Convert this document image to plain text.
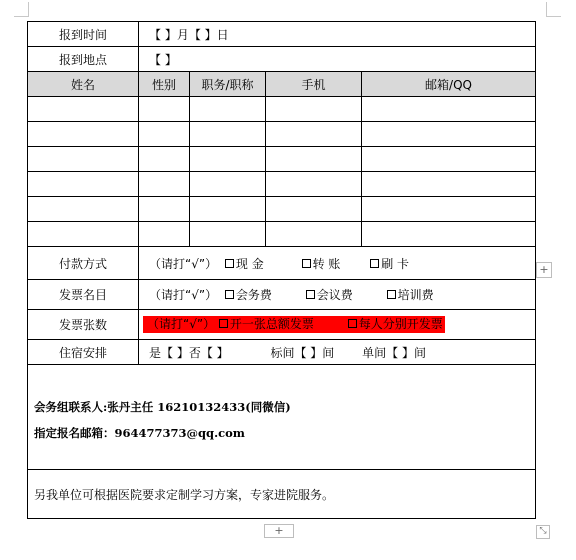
报到时间	【 】月【 】日			
报到地点	【 】			
姓名	性别	职务/职称	手机	邮箱/QQ

付款方式	（请打“√”） 现 金 转 账 刷 卡			
发票名目	（请打“√”） 会务费 会议费 培训费			
发票张数	（请打“√”） 开一张总额发票 每人分别开发票			
住宿安排	是【 】否【 】 标间【 】间 单间【 】间			

会务组联系人:张丹主任 16210132433(同微信)
指定报名邮箱：964477373@qq.com				

另我单位可根据医院要求定制学习方案，专家进院服务。				
+
+	⤡
